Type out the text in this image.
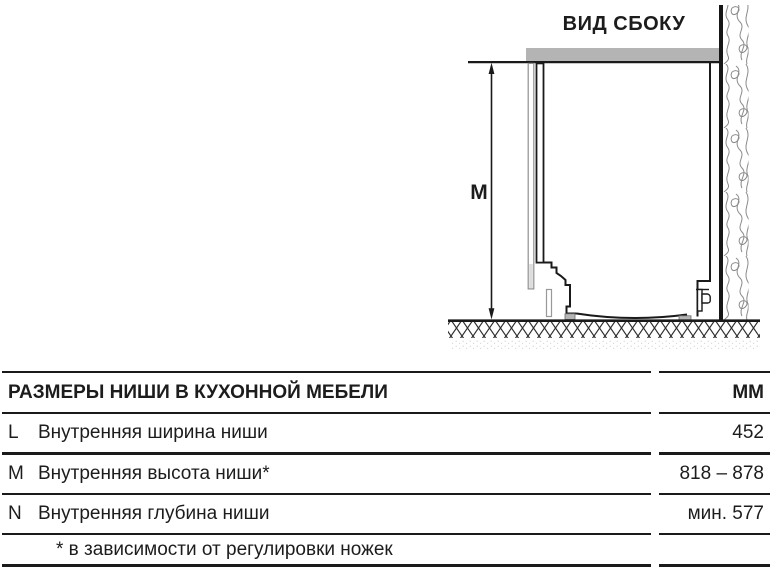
ВИД СБОКУ
M
РАЗМЕРЫ НИШИ В КУХОННОЙ МЕБЕЛИ	ММ
L	Внутренняя ширина ниши	452
M Внутренняя высота ниши*	818 – 878
N Внутренняя глубина ниши	мин. 577
* в зависимости от регулировки ножек
